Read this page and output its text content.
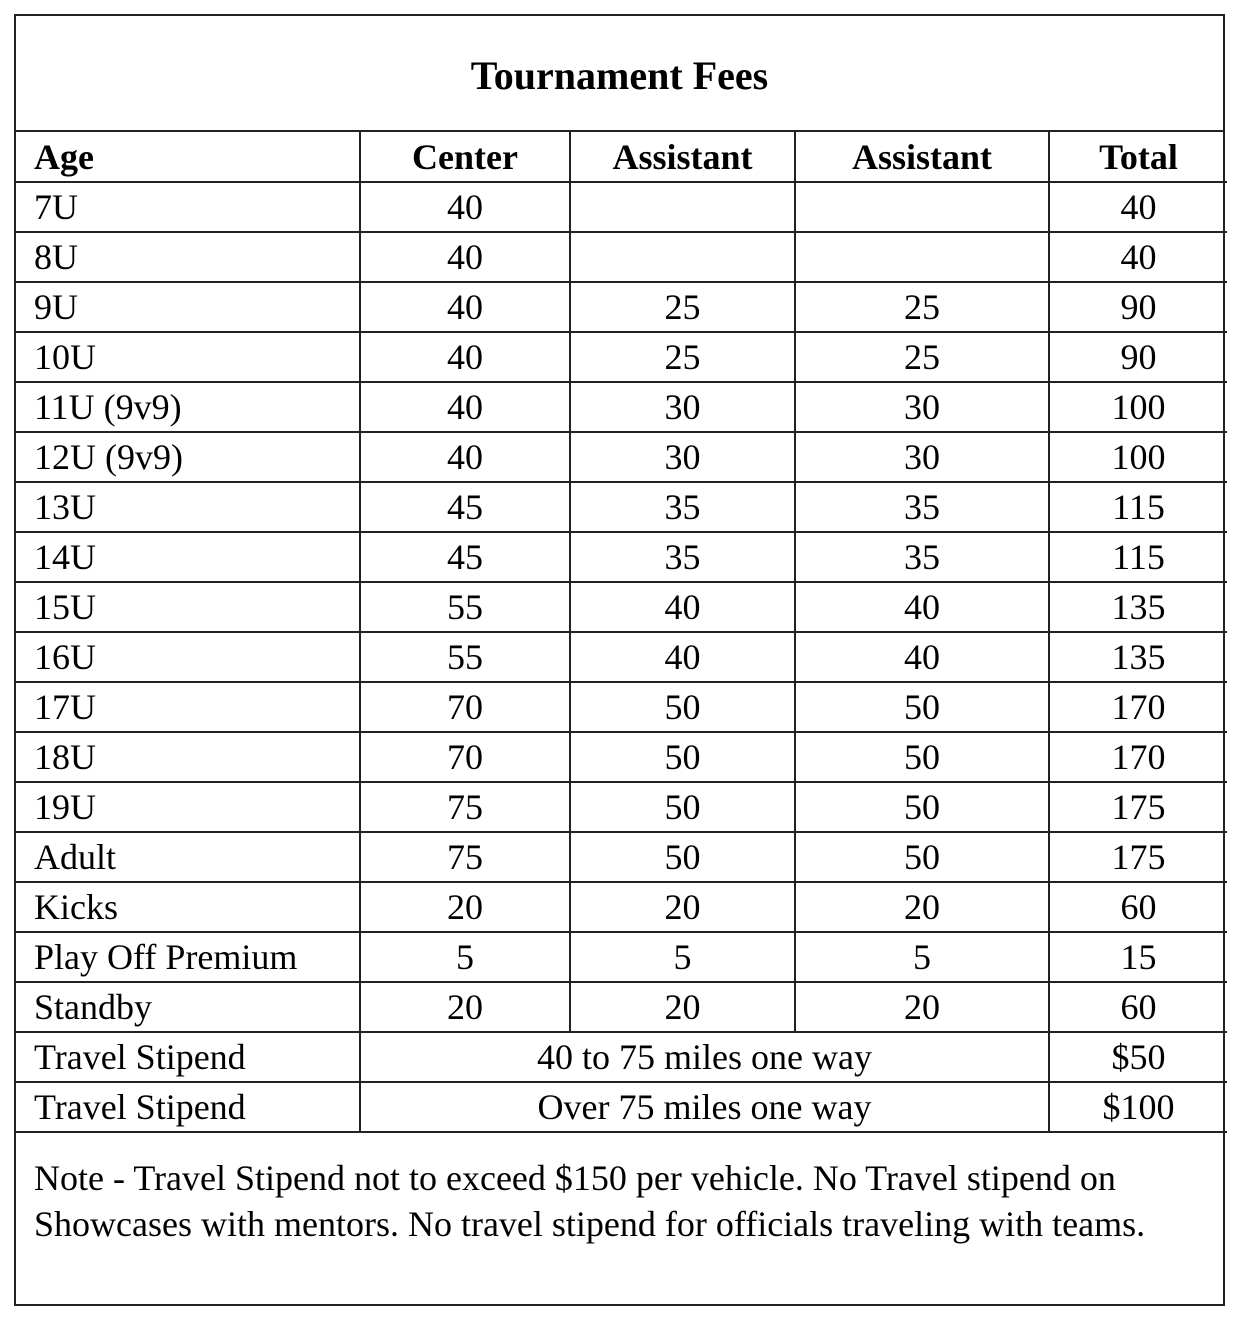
Tournament Fees
Age	Center	Assistant	Assistant	Total
7U	40			40
8U	40			40
9U	40	25	25	90
10U	40	25	25	90
11U (9v9)	40	30	30	100
12U (9v9)	40	30	30	100
13U	45	35	35	115
14U	45	35	35	115
15U	55	40	40	135
16U	55	40	40	135
17U	70	50	50	170
18U	70	50	50	170
19U	75	50	50	175
Adult	75	50	50	175
Kicks	20	20	20	60
Play Off Premium	5	5	5	15
Standby	20	20	20	60
Travel Stipend	40 to 75 miles one way			$50
Travel Stipend	Over 75 miles one way			$100
Note - Travel Stipend not to exceed $150 per vehicle. No Travel stipend on Showcases with mentors. No travel stipend for officials traveling with teams.
